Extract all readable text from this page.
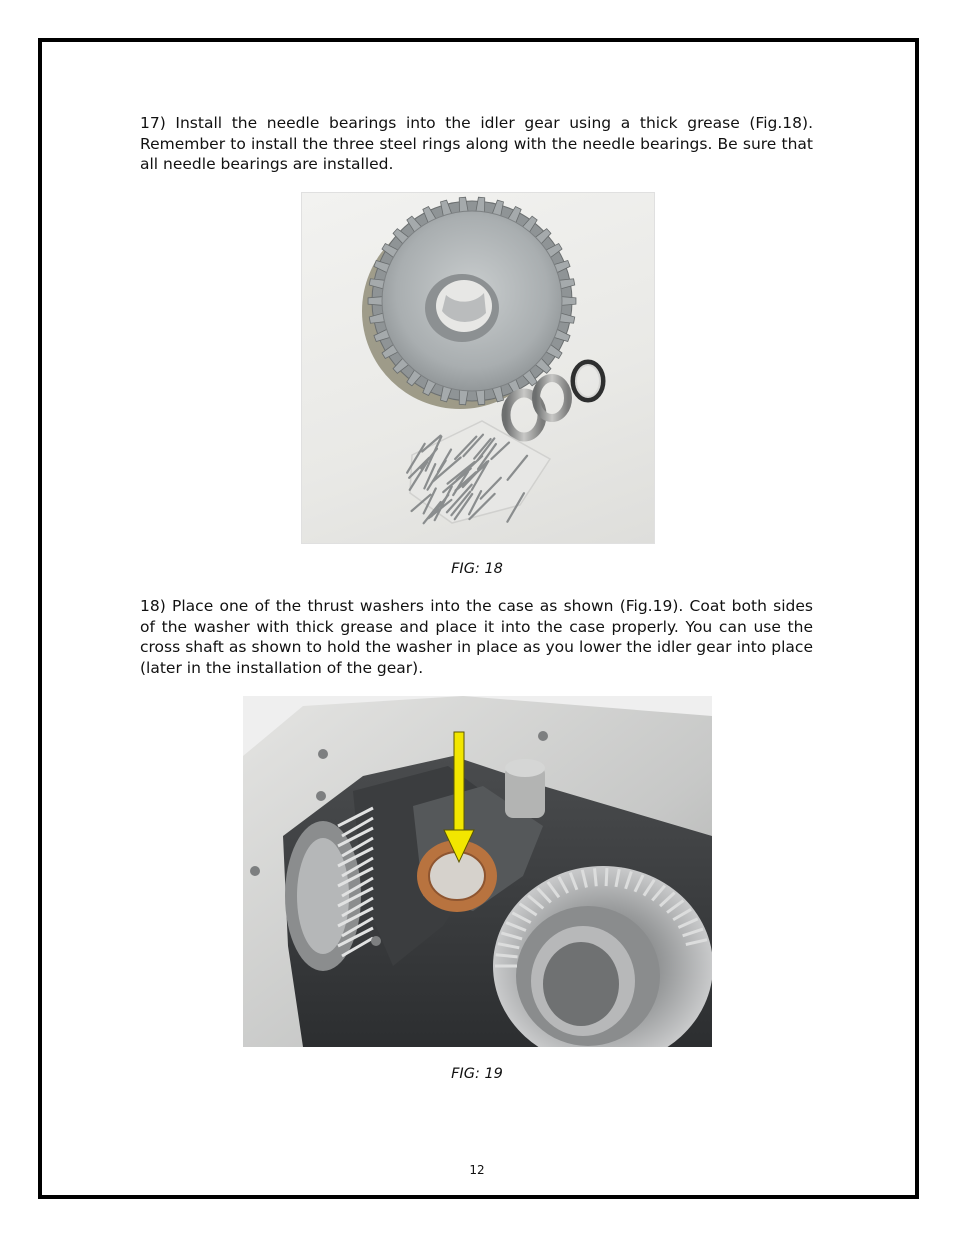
17) Install the needle bearings into the idler gear using a thick grease (Fig.18). Remember to install the three steel rings along with the needle bearings. Be sure that all needle bearings are installed.

FIG: 18

18) Place one of the thrust washers into the case as shown (Fig.19). Coat both sides of the washer with thick grease and place it into the case properly. You can use the cross shaft as shown to hold the washer in place as you lower the idler gear into place (later in the installation of the gear).

FIG: 19
12
